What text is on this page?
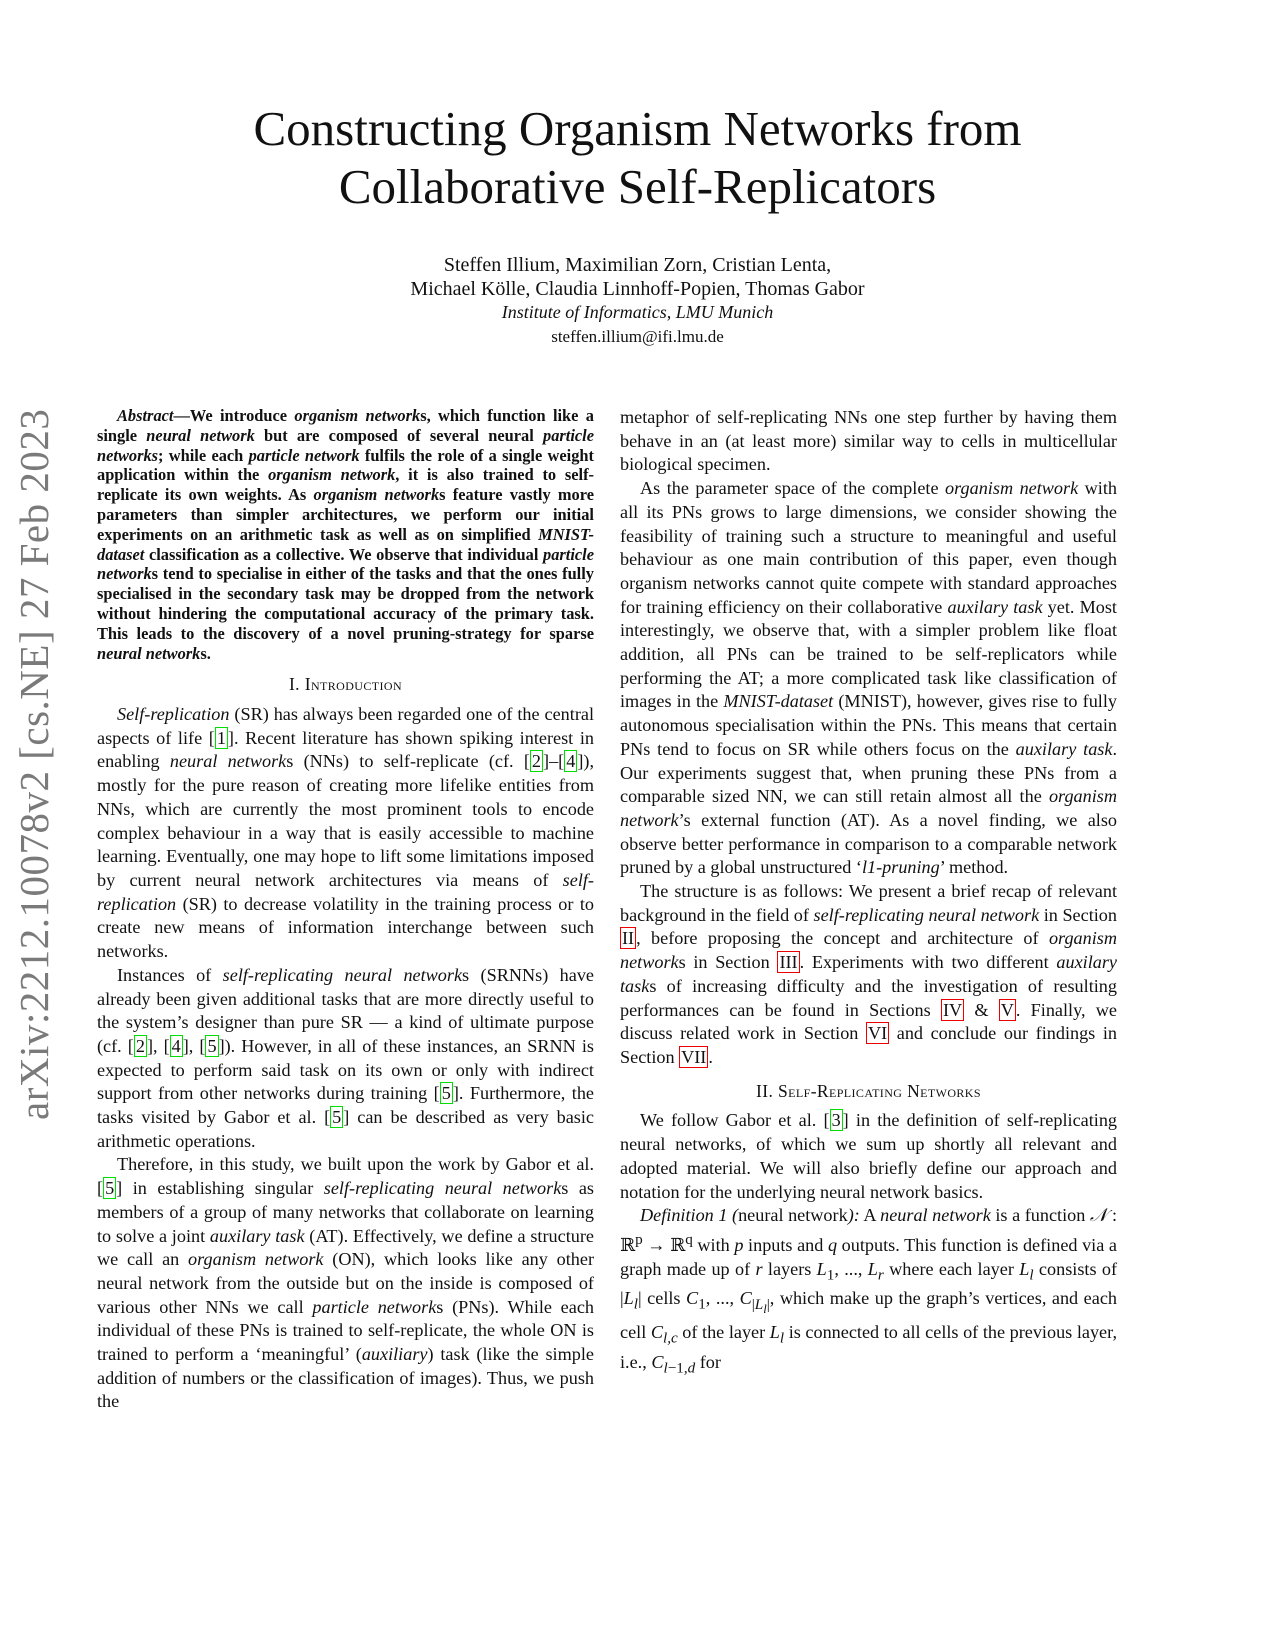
arXiv:2212.10078v2 [cs.NE] 27 Feb 2023
Constructing Organism Networks from
Collaborative Self-Replicators
Steffen Illium, Maximilian Zorn, Cristian Lenta,
Michael Kölle, Claudia Linnhoff-Popien, Thomas Gabor
Institute of Informatics, LMU Munich
steffen.illium@ifi.lmu.de

Abstract—We introduce organism networks, which function like a single neural network but are composed of several neural particle networks; while each particle network fulfils the role of a single weight application within the organism network, it is also trained to self-replicate its own weights. As organism networks feature vastly more parameters than simpler architectures, we perform our initial experiments on an arithmetic task as well as on simplified MNIST-dataset classification as a collective. We observe that individual particle networks tend to specialise in either of the tasks and that the ones fully specialised in the secondary task may be dropped from the network without hindering the computational accuracy of the primary task. This leads to the discovery of a novel pruning-strategy for sparse neural networks.

I. Introduction

Self-replication (SR) has always been regarded one of the central aspects of life [ 1 ]. Recent literature has shown spiking interest in enabling neural networks (NNs) to self-replicate (cf. [ 2 ]–[ 4 ]), mostly for the pure reason of creating more lifelike entities from NNs, which are currently the most prominent tools to encode complex behaviour in a way that is easily accessible to machine learning. Eventually, one may hope to lift some limitations imposed by current neural network architectures via means of self-replication (SR) to decrease volatility in the training process or to create new means of information interchange between such networks.

Instances of self-replicating neural networks (SRNNs) have already been given additional tasks that are more directly useful to the system’s designer than pure SR — a kind of ultimate purpose (cf. [ 2 ], [ 4 ], [ 5 ]). However, in all of these instances, an SRNN is expected to perform said task on its own or only with indirect support from other networks during training [ 5 ]. Furthermore, the tasks visited by Gabor et al. [ 5 ] can be described as very basic arithmetic operations.

Therefore, in this study, we built upon the work by Gabor et al. [ 5 ] in establishing singular self-replicating neural networks as members of a group of many networks that collaborate on learning to solve a joint auxilary task (AT). Effectively, we define a structure we call an organism network (ON), which looks like any other neural network from the outside but on the inside is composed of various other NNs we call particle networks (PNs). While each individual of these PNs is trained to self-replicate, the whole ON is trained to perform a ‘meaningful’ (auxiliary) task (like the simple addition of numbers or the classification of images). Thus, we push the

metaphor of self-replicating NNs one step further by having them behave in an (at least more) similar way to cells in multicellular biological specimen.

As the parameter space of the complete organism network with all its PNs grows to large dimensions, we consider showing the feasibility of training such a structure to meaningful and useful behaviour as one main contribution of this paper, even though organism networks cannot quite compete with standard approaches for training efficiency on their collaborative auxilary task yet. Most interestingly, we observe that, with a simpler problem like float addition, all PNs can be trained to be self-replicators while performing the AT; a more complicated task like classification of images in the MNIST-dataset (MNIST), however, gives rise to fully autonomous specialisation within the PNs. This means that certain PNs tend to focus on SR while others focus on the auxilary task. Our experiments suggest that, when pruning these PNs from a comparable sized NN, we can still retain almost all the organism network’s external function (AT). As a novel finding, we also observe better performance in comparison to a comparable network pruned by a global unstructured ‘l1-pruning’ method.

The structure is as follows: We present a brief recap of relevant background in the field of self-replicating neural network in Section II , before proposing the concept and architecture of organism networks in Section III . Experiments with two different auxilary tasks of increasing difficulty and the investigation of resulting performances can be found in Sections IV & V . Finally, we discuss related work in Section VI and conclude our findings in Section VII .

II. Self-Replicating Networks

We follow Gabor et al. [ 3 ] in the definition of self-replicating neural networks, of which we sum up shortly all relevant and adopted material. We will also briefly define our approach and notation for the underlying neural network basics.

Definition 1 (neural network): A neural network is a function 𝒩 : ℝ$^p$ → ℝ$^q$ with p inputs and q outputs. This function is defined via a graph made up of r layers $L_1$, ..., $L_r$ where each layer $L_l$ consists of $|L_l|$ cells $C_1$, ..., $C_{|L_l|}$, which make up the graph’s vertices, and each cell $C_{l,c}$ of the layer $L_l$ is connected to all cells of the previous layer, i.e., $C_{l-1,d}$ for
